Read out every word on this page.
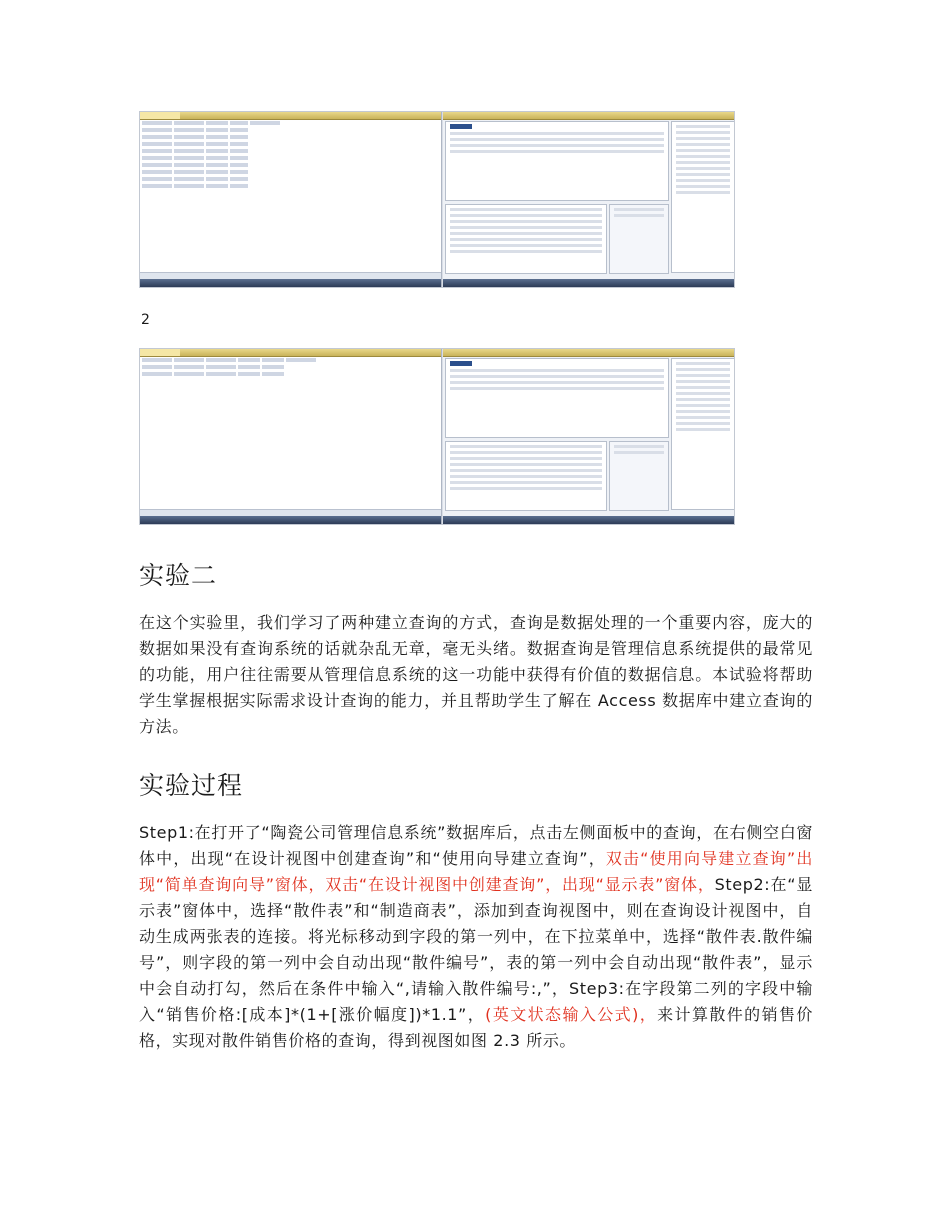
2
实验二

在这个实验里，我们学习了两种建立查询的方式，查询是数据处理的一个重要内容，庞大的数据如果没有查询系统的话就杂乱无章，毫无头绪。数据查询是管理信息系统提供的最常见的功能，用户往往需要从管理信息系统的这一功能中获得有价值的数据信息。本试验将帮助学生掌握根据实际需求设计查询的能力，并且帮助学生了解在 Access 数据库中建立查询的方法。

实验过程

Step1:在打开了“陶瓷公司管理信息系统”数据库后，点击左侧面板中的查询，在右侧空白窗体中，出现“在设计视图中创建查询”和“使用向导建立查询”，双击“使用向导建立查询”出现“简单查询向导”窗体，双击“在设计视图中创建查询”，出现“显示表”窗体，Step2:在“显示表”窗体中，选择“散件表”和“制造商表”，添加到查询视图中，则在查询设计视图中，自动生成两张表的连接。将光标移动到字段的第一列中，在下拉菜单中，选择“散件表.散件编号”，则字段的第一列中会自动出现“散件编号”，表的第一列中会自动出现“散件表”，显示中会自动打勾，然后在条件中输入“,请输入散件编号:,”，Step3:在字段第二列的字段中输入“销售价格:[成本]*(1+[涨价幅度])*1.1”，(英文状态输入公式)，来计算散件的销售价格，实现对散件销售价格的查询，得到视图如图 2.3 所示。
